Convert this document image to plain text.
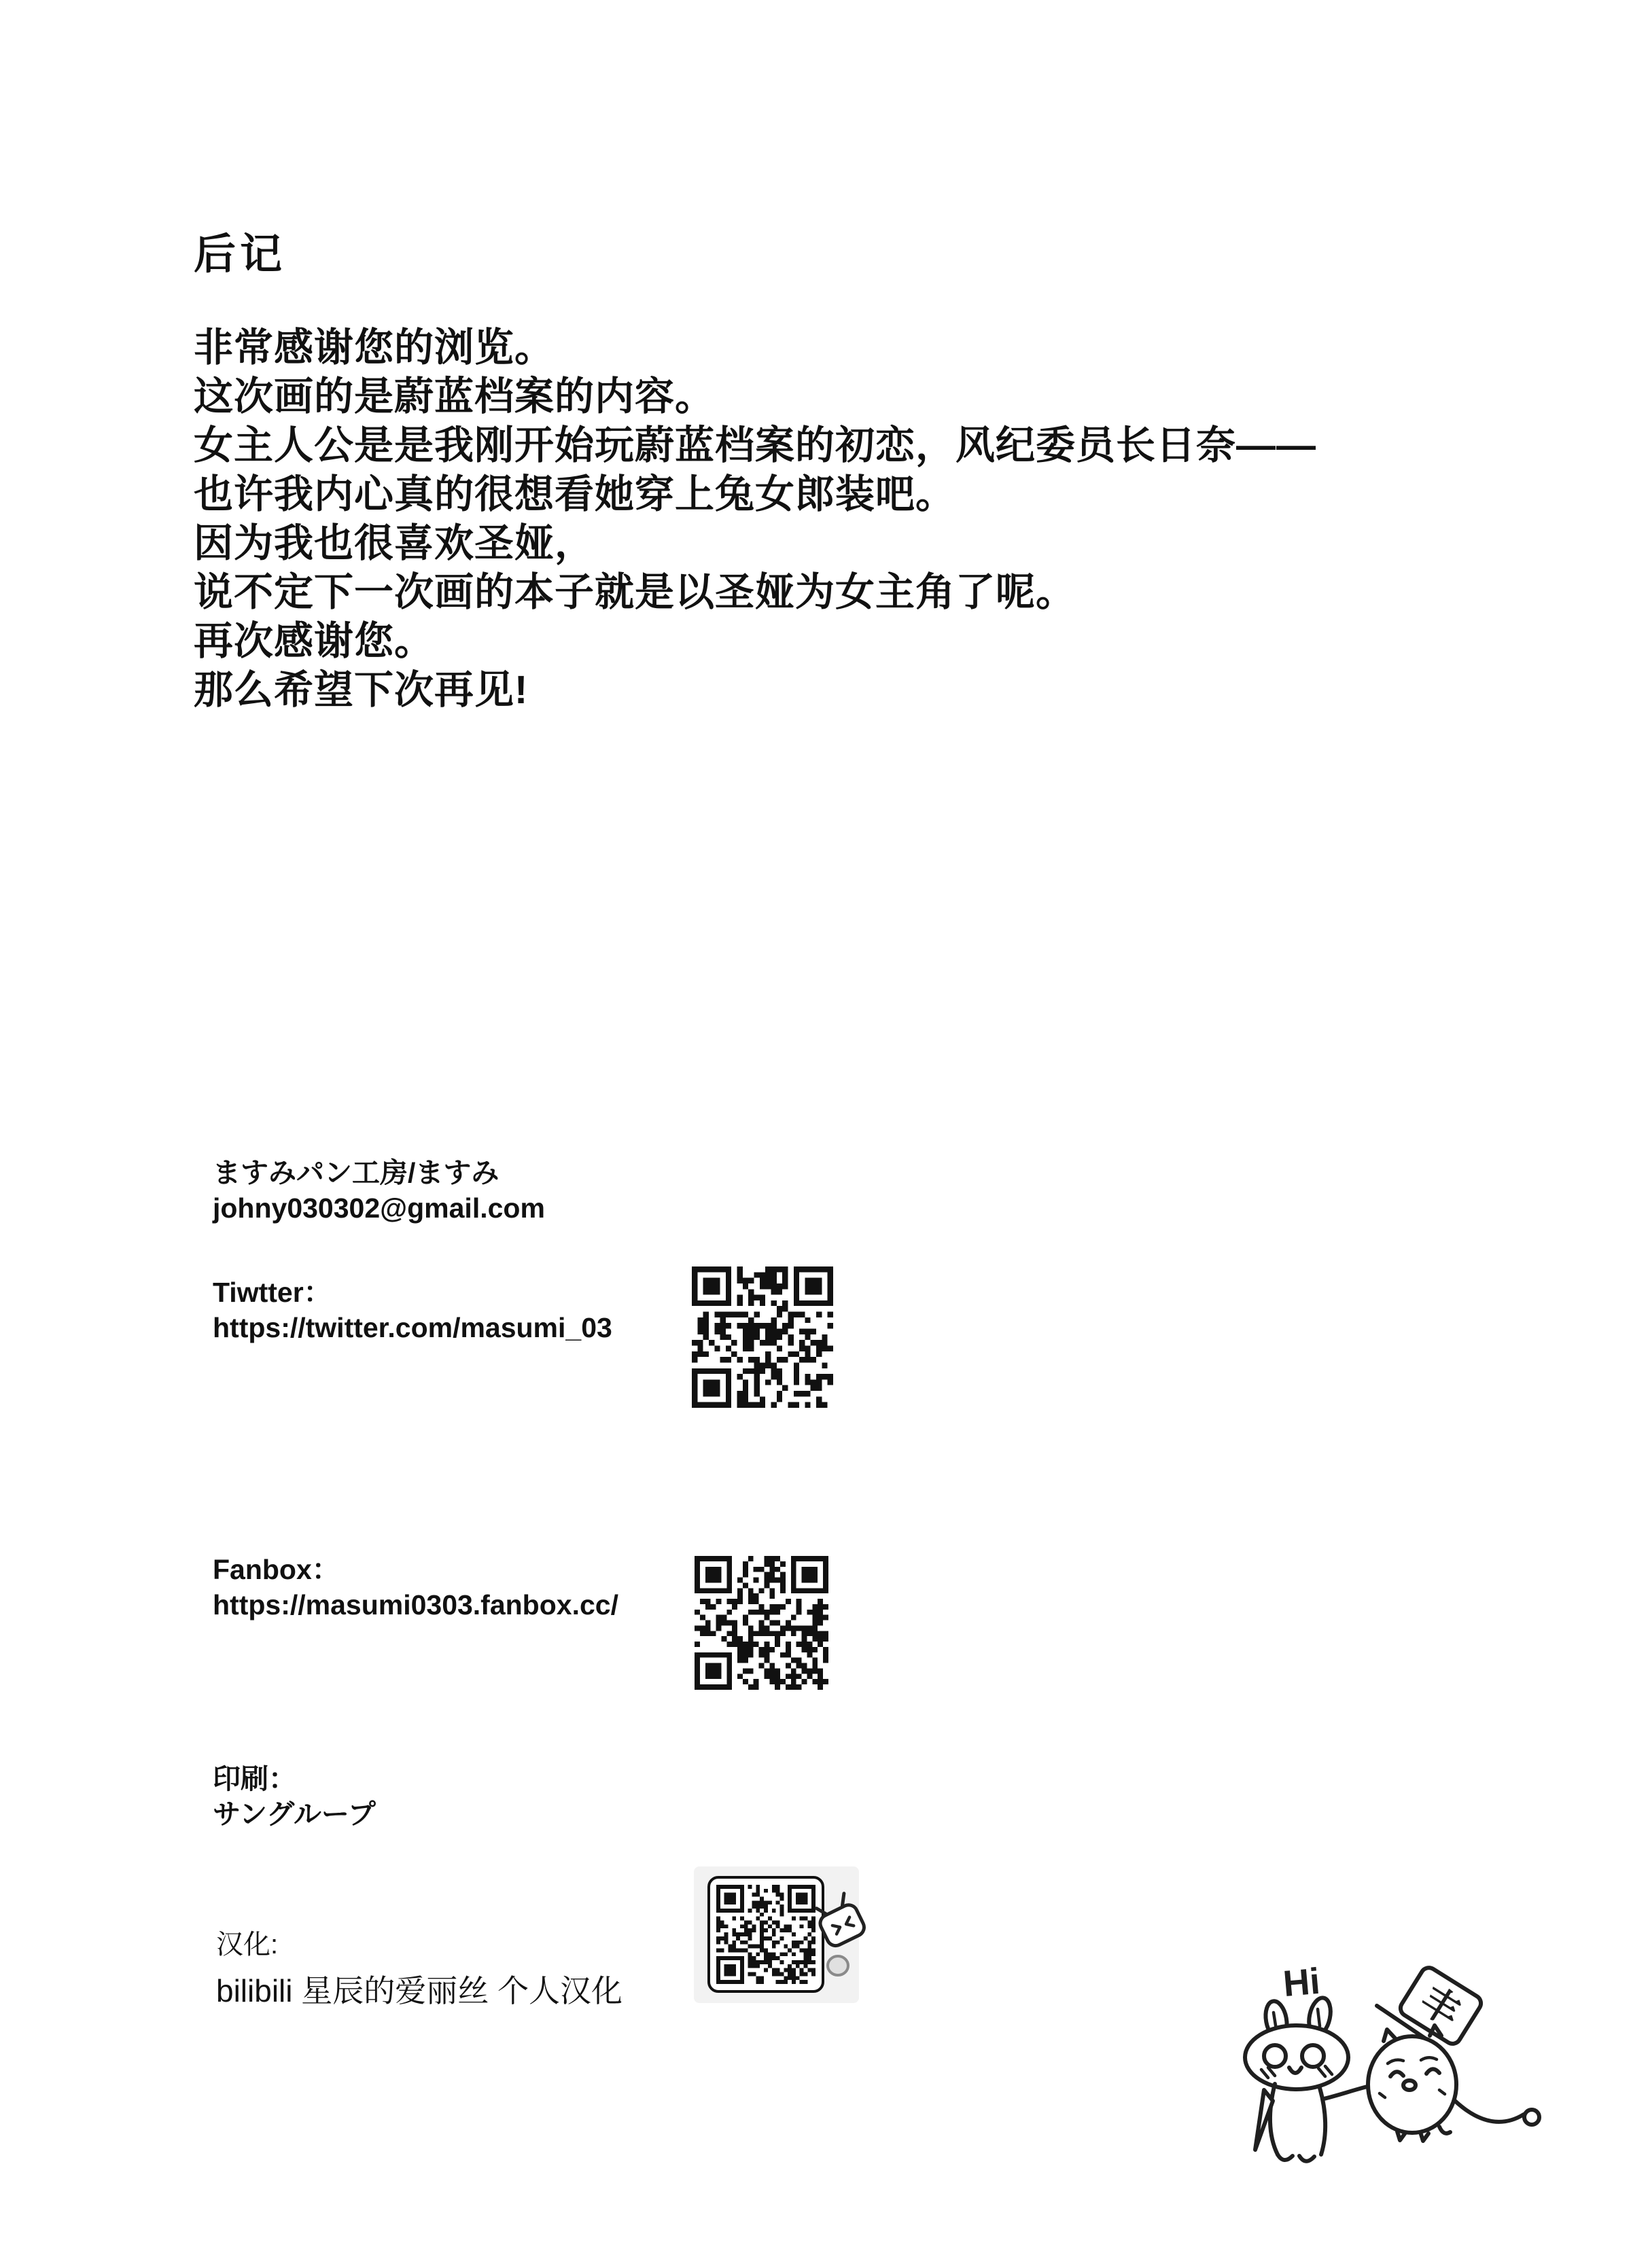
后记

非常感谢您的浏览。

这次画的是蔚蓝档案的内容。

女主人公是是我刚开始玩蔚蓝档案的初恋，风纪委员长日奈——

也许我内心真的很想看她穿上兔女郎装吧。

因为我也很喜欢圣娅，

说不定下一次画的本子就是以圣娅为女主角了呢。

再次感谢您。

那么希望下次再见!

ますみパン工房/ますみ

johny030302@gmail.com

Tiwtter：

https://twitter.com/masumi_03

Fanbox：

https://masumi0303.fanbox.cc/

印刷：

サングループ

汉化:

bilibili 星辰的爱丽丝 个人汉化	Hi 丰
